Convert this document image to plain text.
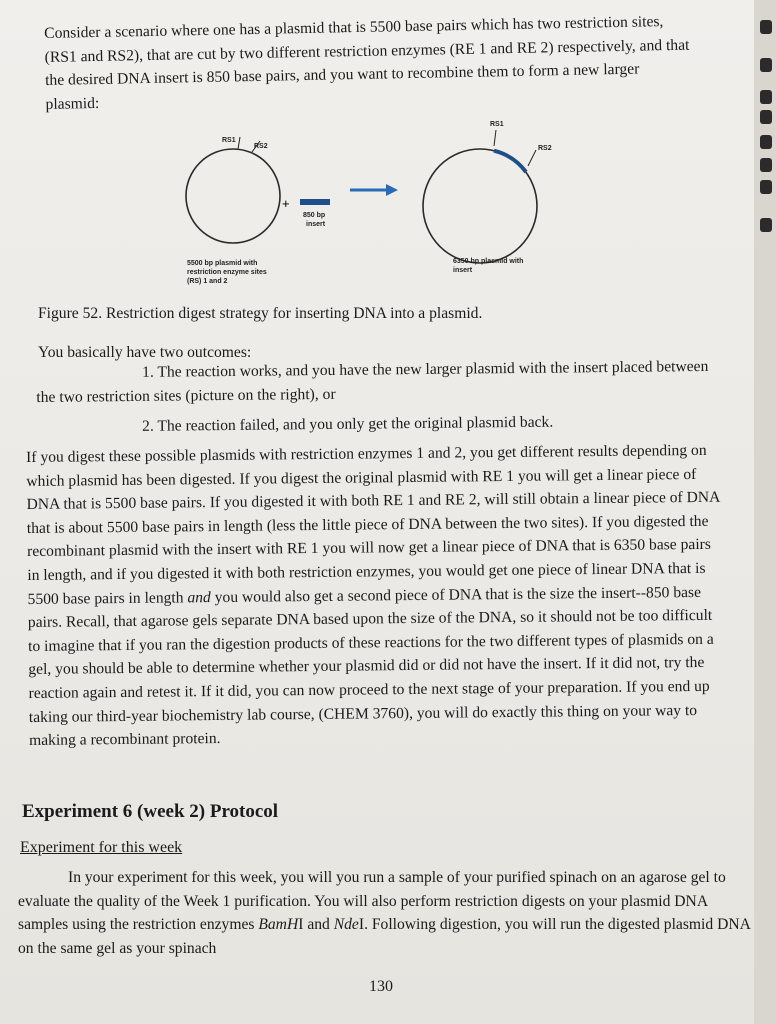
Consider a scenario where one has a plasmid that is 5500 base pairs which has two restriction sites, (RS1 and RS2), that are cut by two different restriction enzymes (RE 1 and RE 2) respectively, and that the desired DNA insert is 850 base pairs, and you want to recombine them to form a new larger plasmid:

RS1
RS2
+
850 bp
insert
RS1
RS2
5500 bp plasmid with
restriction enzyme sites
(RS) 1 and 2
6350 bp plasmid with
insert

Figure 52. Restriction digest strategy for inserting DNA into a plasmid.

You basically have two outcomes:

1. The reaction works, and you have the new larger plasmid with the insert placed between the two restriction sites (picture on the right), or

2. The reaction failed, and you only get the original plasmid back.

If you digest these possible plasmids with restriction enzymes 1 and 2, you get different results depending on which plasmid has been digested. If you digest the original plasmid with RE 1 you will get a linear piece of DNA that is 5500 base pairs. If you digested it with both RE 1 and RE 2, will still obtain a linear piece of DNA that is about 5500 base pairs in length (less the little piece of DNA between the two sites). If you digested the recombinant plasmid with the insert with RE 1 you will now get a linear piece of DNA that is 6350 base pairs in length, and if you digested it with both restriction enzymes, you would get one piece of linear DNA that is 5500 base pairs in length and you would also get a second piece of DNA that is the size the insert--850 base pairs. Recall, that agarose gels separate DNA based upon the size of the DNA, so it should not be too difficult to imagine that if you ran the digestion products of these reactions for the two different types of plasmids on a gel, you should be able to determine whether your plasmid did or did not have the insert. If it did not, try the reaction again and retest it. If it did, you can now proceed to the next stage of your preparation. If you end up taking our third-year biochemistry lab course, (CHEM 3760), you will do exactly this thing on your way to making a recombinant protein.

Experiment 6 (week 2) Protocol

Experiment for this week

In your experiment for this week, you will you run a sample of your purified spinach on an agarose gel to evaluate the quality of the Week 1 purification. You will also perform restriction digests on your plasmid DNA samples using the restriction enzymes BamHI and NdeI. Following digestion, you will run the digested plasmid DNA on the same gel as your spinach

130
